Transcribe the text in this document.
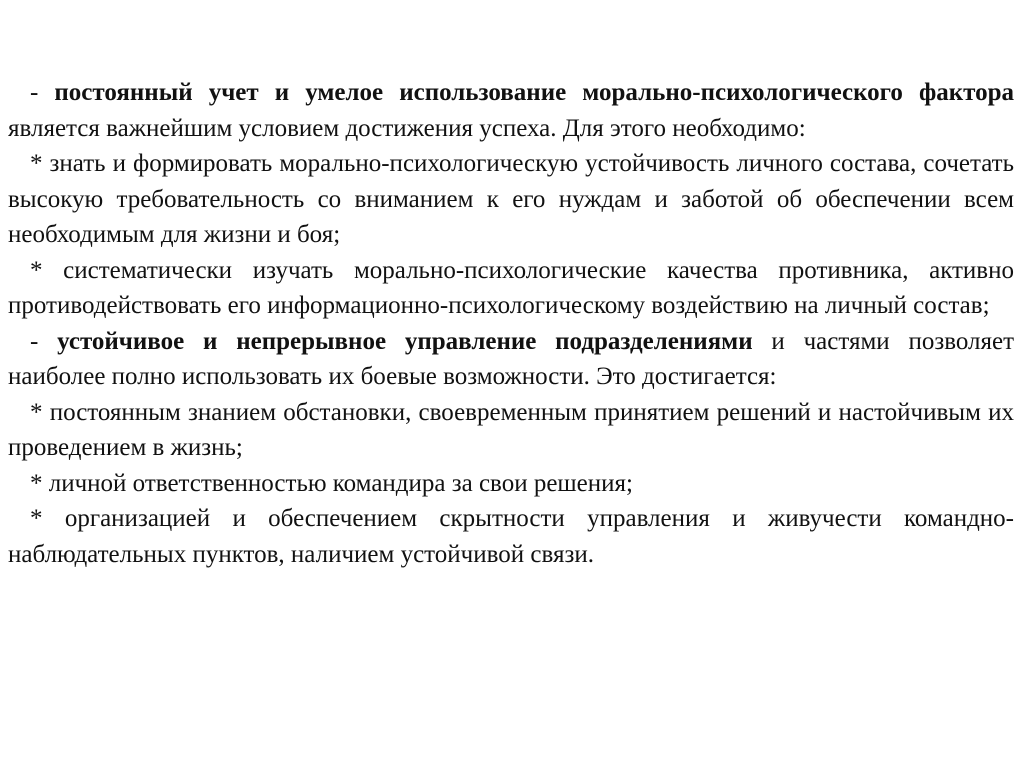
- постоянный учет и умелое использование морально-психологического фактора является важнейшим условием достижения успеха. Для этого необходимо:

* знать и формировать морально-психологическую устойчивость личного состава, сочетать высокую требовательность со вниманием к его нуждам и заботой об обеспечении всем необходимым для жизни и боя;

* систематически изучать морально-психологические качества противника, активно противодействовать его информационно-психологическому воздействию на личный состав;

- устойчивое и непрерывное управление подразделениями и частями позволяет наиболее полно использовать их боевые возможности. Это достигается:

* постоянным знанием обстановки, своевременным принятием решений и настойчивым их проведением в жизнь;

* личной ответственностью командира за свои решения;

* организацией и обеспечением скрытности управления и живучести командно-наблюдательных пунктов, наличием устойчивой связи.
